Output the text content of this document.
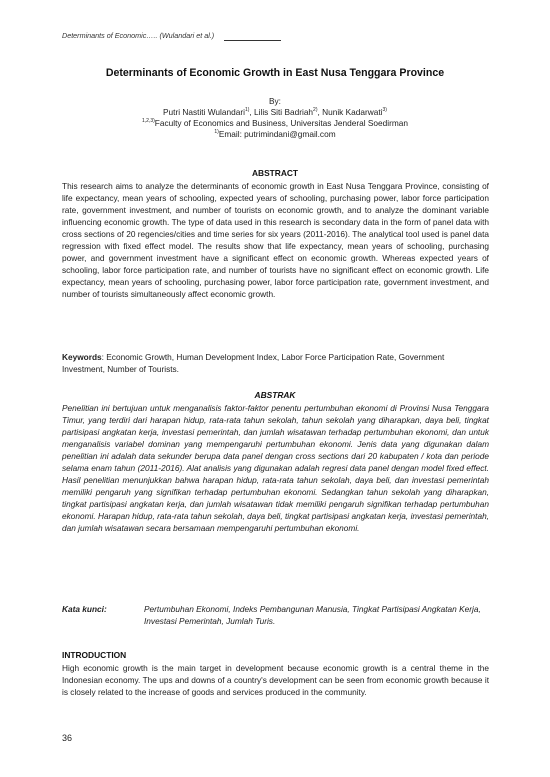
Determinants of Economic….. (Wulandari et al.)
Determinants of Economic Growth in East Nusa Tenggara Province
By:
Putri Nastiti Wulandari$^{1)}$, Lilis Siti Badriah$^{2)}$, Nunik Kadarwati$^{3)}$
$^{1,2,3)}$Faculty of Economics and Business, Universitas Jenderal Soedirman
$^{1)}$Email: putrimindani@gmail.com
ABSTRACT
This research aims to analyze the determinants of economic growth in East Nusa Tenggara Province, consisting of life expectancy, mean years of schooling, expected years of schooling, purchasing power, labor force participation rate, government investment, and number of tourists on economic growth, and to analyze the dominant variable influencing economic growth. The type of data used in this research is secondary data in the form of panel data with cross sections of 20 regencies/cities and time series for six years (2011-2016). The analytical tool used is panel data regression with fixed effect model. The results show that life expectancy, mean years of schooling, purchasing power, and government investment have a significant effect on economic growth. Whereas expected years of schooling, labor force participation rate, and number of tourists have no significant effect on economic growth. Life expectancy, mean years of schooling, purchasing power, labor force participation rate, government investment, and number of tourists simultaneously affect economic growth.
Keywords: Economic Growth, Human Development Index, Labor Force Participation Rate, Government Investment, Number of Tourists.
ABSTRAK
Penelitian ini bertujuan untuk menganalisis faktor-faktor penentu pertumbuhan ekonomi di Provinsi Nusa Tenggara Timur, yang terdiri dari harapan hidup, rata-rata tahun sekolah, tahun sekolah yang diharapkan, daya beli, tingkat partisipasi angkatan kerja, investasi pemerintah, dan jumlah wisatawan terhadap pertumbuhan ekonomi, dan untuk menganalisis variabel dominan yang mempengaruhi pertumbuhan ekonomi. Jenis data yang digunakan dalam penelitian ini adalah data sekunder berupa data panel dengan cross sections dari 20 kabupaten / kota dan periode selama enam tahun (2011-2016). Alat analisis yang digunakan adalah regresi data panel dengan model fixed effect. Hasil penelitian menunjukkan bahwa harapan hidup, rata-rata tahun sekolah, daya beli, dan investasi pemerintah memiliki pengaruh yang signifikan terhadap pertumbuhan ekonomi. Sedangkan tahun sekolah yang diharapkan, tingkat partisipasi angkatan kerja, dan jumlah wisatawan tidak memiliki pengaruh signifikan terhadap pertumbuhan ekonomi. Harapan hidup, rata-rata tahun sekolah, daya beli, tingkat partisipasi angkatan kerja, investasi pemerintah, dan jumlah wisatawan secara bersamaan mempengaruhi pertumbuhan ekonomi.
Kata kunci:	Pertumbuhan Ekonomi, Indeks Pembangunan Manusia, Tingkat Partisipasi Angkatan Kerja, Investasi Pemerintah, Jumlah Turis.
INTRODUCTION
High economic growth is the main target in development because economic growth is a central theme in the Indonesian economy. The ups and downs of a country's development can be seen from economic growth because it is closely related to the increase of goods and services produced in the community.
36
